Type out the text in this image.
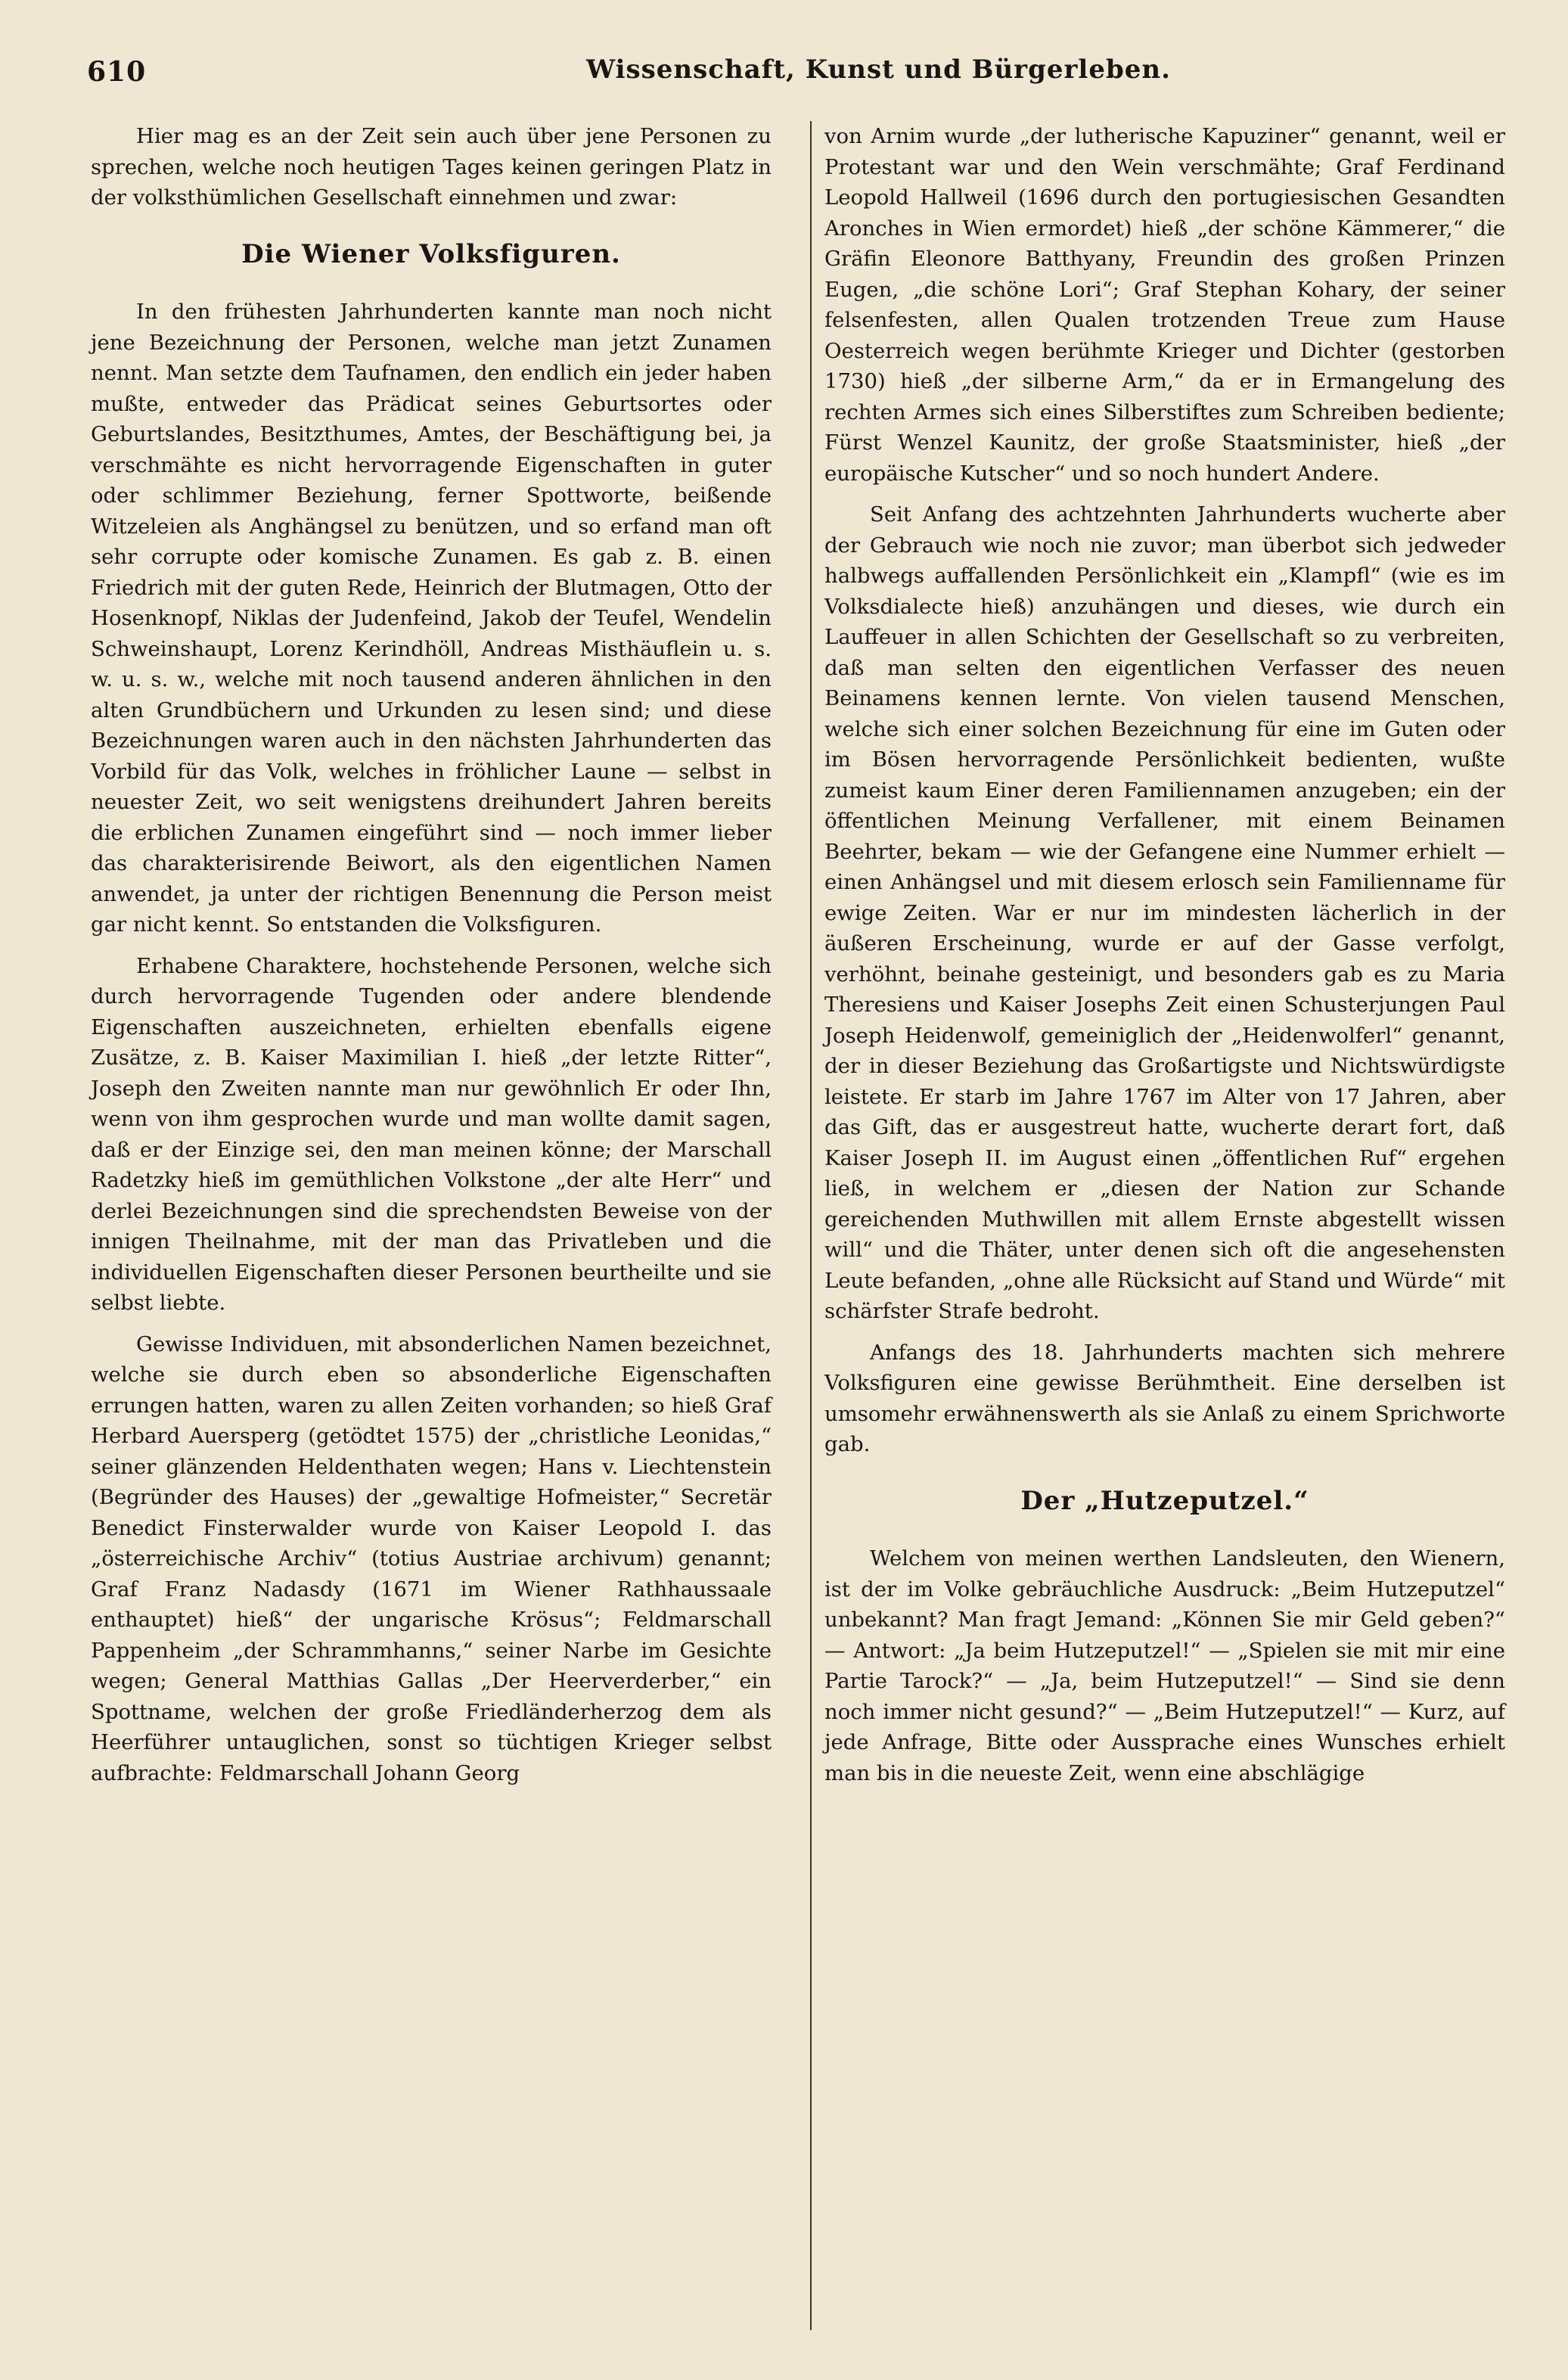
610	Wissenschaft, Kunst und Bürgerleben.

Hier mag es an der Zeit sein auch über jene Personen zu sprechen, welche noch heutigen Tages keinen geringen Platz in der volksthümlichen Gesellschaft einnehmen und zwar:

Die Wiener Volksfiguren.

In den frühesten Jahrhunderten kannte man noch nicht jene Bezeichnung der Personen, welche man jetzt Zunamen nennt. Man setzte dem Taufnamen, den endlich ein jeder haben mußte, entweder das Prädicat seines Geburtsortes oder Geburtslandes, Besitzthumes, Amtes, der Beschäftigung bei, ja verschmähte es nicht hervorragende Eigenschaften in guter oder schlimmer Beziehung, ferner Spottworte, beißende Witzeleien als Anghängsel zu benützen, und so erfand man oft sehr corrupte oder komische Zunamen. Es gab z. B. einen Friedrich mit der guten Rede, Heinrich der Blutmagen, Otto der Hosenknopf, Niklas der Judenfeind, Jakob der Teufel, Wendelin Schweinshaupt, Lorenz Kerindhöll, Andreas Misthäuflein u. s. w. u. s. w., welche mit noch tausend anderen ähnlichen in den alten Grundbüchern und Urkunden zu lesen sind; und diese Bezeichnungen waren auch in den nächsten Jahrhunderten das Vorbild für das Volk, welches in fröhlicher Laune — selbst in neuester Zeit, wo seit wenigstens dreihundert Jahren bereits die erblichen Zunamen eingeführt sind — noch immer lieber das charakterisirende Beiwort, als den eigentlichen Namen anwendet, ja unter der richtigen Benennung die Person meist gar nicht kennt. So entstanden die Volksfiguren.

Erhabene Charaktere, hochstehende Personen, welche sich durch hervorragende Tugenden oder andere blendende Eigenschaften auszeichneten, erhielten ebenfalls eigene Zusätze, z. B. Kaiser Maximilian I. hieß „der letzte Ritter“, Joseph den Zweiten nannte man nur gewöhnlich Er oder Ihn, wenn von ihm gesprochen wurde und man wollte damit sagen, daß er der Einzige sei, den man meinen könne; der Marschall Radetzky hieß im gemüthlichen Volkstone „der alte Herr“ und derlei Bezeichnungen sind die sprechendsten Beweise von der innigen Theilnahme, mit der man das Privatleben und die individuellen Eigenschaften dieser Personen beurtheilte und sie selbst liebte.

Gewisse Individuen, mit absonderlichen Namen bezeichnet, welche sie durch eben so absonderliche Eigenschaften errungen hatten, waren zu allen Zeiten vorhanden; so hieß Graf Herbard Auersperg (getödtet 1575) der „christliche Leonidas,“ seiner glänzenden Heldenthaten wegen; Hans v. Liechtenstein (Begründer des Hauses) der „gewaltige Hofmeister,“ Secretär Benedict Finsterwalder wurde von Kaiser Leopold I. das „österreichische Archiv“ (totius Austriae archivum) genannt; Graf Franz Nadasdy (1671 im Wiener Rathhaussaale enthauptet) hieß“ der ungarische Krösus“; Feldmarschall Pappenheim „der Schrammhanns,“ seiner Narbe im Gesichte wegen; General Matthias Gallas „Der Heerverderber,“ ein Spottname, welchen der große Friedländerherzog dem als Heerführer untauglichen, sonst so tüchtigen Krieger selbst aufbrachte: Feldmarschall Johann Georg

von Arnim wurde „der lutherische Kapuziner“ genannt, weil er Protestant war und den Wein verschmähte; Graf Ferdinand Leopold Hallweil (1696 durch den portugiesischen Gesandten Aronches in Wien ermordet) hieß „der schöne Kämmerer,“ die Gräfin Eleonore Batthyany, Freundin des großen Prinzen Eugen, „die schöne Lori“; Graf Stephan Kohary, der seiner felsenfesten, allen Qualen trotzenden Treue zum Hause Oesterreich wegen berühmte Krieger und Dichter (gestorben 1730) hieß „der silberne Arm,“ da er in Ermangelung des rechten Armes sich eines Silberstiftes zum Schreiben bediente; Fürst Wenzel Kaunitz, der große Staatsminister, hieß „der europäische Kutscher“ und so noch hundert Andere.

Seit Anfang des achtzehnten Jahrhunderts wucherte aber der Gebrauch wie noch nie zuvor; man überbot sich jedweder halbwegs auffallenden Persönlichkeit ein „Klampfl“ (wie es im Volksdialecte hieß) anzuhängen und dieses, wie durch ein Lauffeuer in allen Schichten der Gesellschaft so zu verbreiten, daß man selten den eigentlichen Verfasser des neuen Beinamens kennen lernte. Von vielen tausend Menschen, welche sich einer solchen Bezeichnung für eine im Guten oder im Bösen hervorragende Persönlichkeit bedienten, wußte zumeist kaum Einer deren Familiennamen anzugeben; ein der öffentlichen Meinung Verfallener, mit einem Beinamen Beehrter, bekam — wie der Gefangene eine Nummer erhielt — einen Anhängsel und mit diesem erlosch sein Familienname für ewige Zeiten. War er nur im mindesten lächerlich in der äußeren Erscheinung, wurde er auf der Gasse verfolgt, verhöhnt, beinahe gesteinigt, und besonders gab es zu Maria Theresiens und Kaiser Josephs Zeit einen Schusterjungen Paul Joseph Heidenwolf, gemeiniglich der „Heidenwolferl“ genannt, der in dieser Beziehung das Großartigste und Nichtswürdigste leistete. Er starb im Jahre 1767 im Alter von 17 Jahren, aber das Gift, das er ausgestreut hatte, wucherte derart fort, daß Kaiser Joseph II. im August einen „öffentlichen Ruf“ ergehen ließ, in welchem er „diesen der Nation zur Schande gereichenden Muthwillen mit allem Ernste abgestellt wissen will“ und die Thäter, unter denen sich oft die angesehensten Leute befanden, „ohne alle Rücksicht auf Stand und Würde“ mit schärfster Strafe bedroht.

Anfangs des 18. Jahrhunderts machten sich mehrere Volksfiguren eine gewisse Berühmtheit. Eine derselben ist umsomehr erwähnenswerth als sie Anlaß zu einem Sprichworte gab.

Der „Hutzeputzel.“

Welchem von meinen werthen Landsleuten, den Wienern, ist der im Volke gebräuchliche Ausdruck: „Beim Hutzeputzel“ unbekannt? Man fragt Jemand: „Können Sie mir Geld geben?“ — Antwort: „Ja beim Hutzeputzel!“ — „Spielen sie mit mir eine Partie Tarock?“ — „Ja, beim Hutzeputzel!“ — Sind sie denn noch immer nicht gesund?“ — „Beim Hutzeputzel!“ — Kurz, auf jede Anfrage, Bitte oder Aussprache eines Wunsches erhielt man bis in die neueste Zeit, wenn eine abschlägige
